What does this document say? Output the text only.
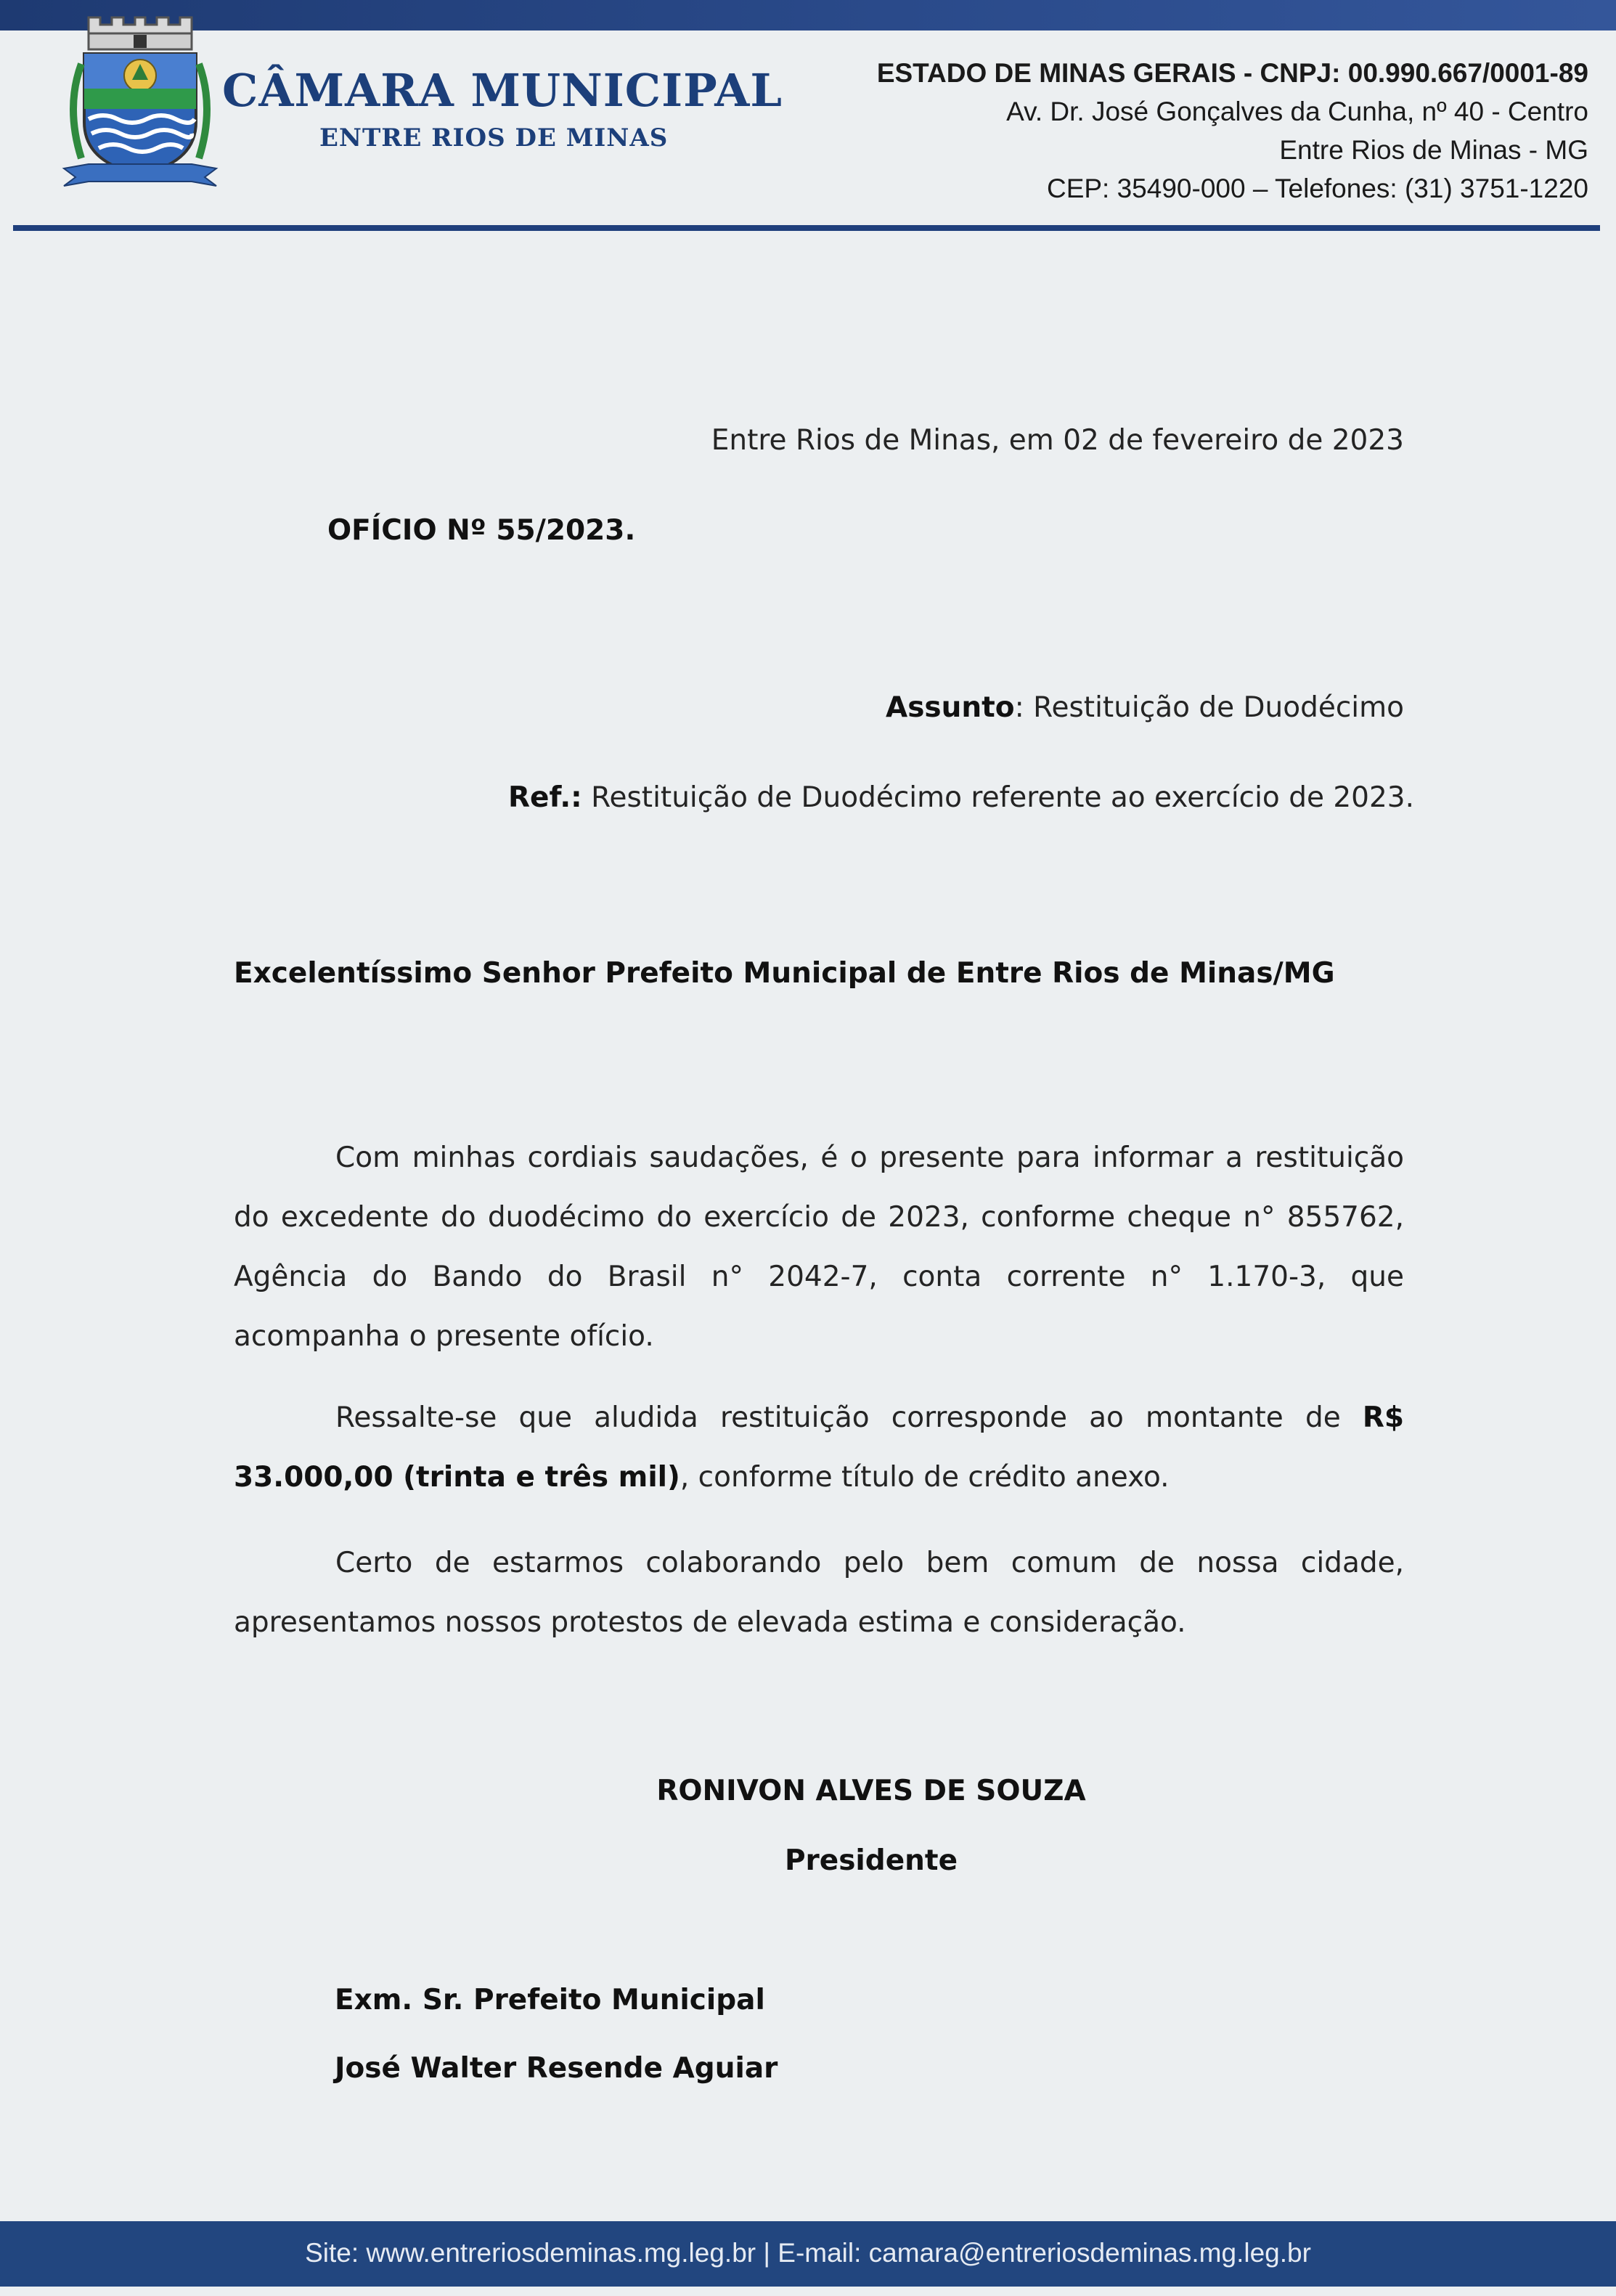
CÂMARA MUNICIPAL
ENTRE RIOS DE MINAS
ESTADO DE MINAS GERAIS - CNPJ: 00.990.667/0001-89
Av. Dr. José Gonçalves da Cunha, nº 40 - Centro
Entre Rios de Minas - MG
CEP: 35490-000 – Telefones: (31) 3751-1220
Entre Rios de Minas, em 02 de fevereiro de 2023
OFÍCIO Nº 55/2023.
Assunto: Restituição de Duodécimo
Ref.: Restituição de Duodécimo referente ao exercício de 2023.
Excelentíssimo Senhor Prefeito Municipal de Entre Rios de Minas/MG
Com minhas cordiais saudações, é o presente para informar a restituição do excedente do duodécimo do exercício de 2023, conforme cheque n° 855762, Agência do Bando do Brasil n° 2042-7, conta corrente n° 1.170-3, que acompanha o presente ofício.
Ressalte-se que aludida restituição corresponde ao montante de R$ 33.000,00 (trinta e três mil), conforme título de crédito anexo.
Certo de estarmos colaborando pelo bem comum de nossa cidade, apresentamos nossos protestos de elevada estima e consideração.
RONIVON ALVES DE SOUZA
Presidente
Exm. Sr. Prefeito Municipal
José Walter Resende Aguiar
Site: www.entreriosdeminas.mg.leg.br | E-mail: camara@entreriosdeminas.mg.leg.br
